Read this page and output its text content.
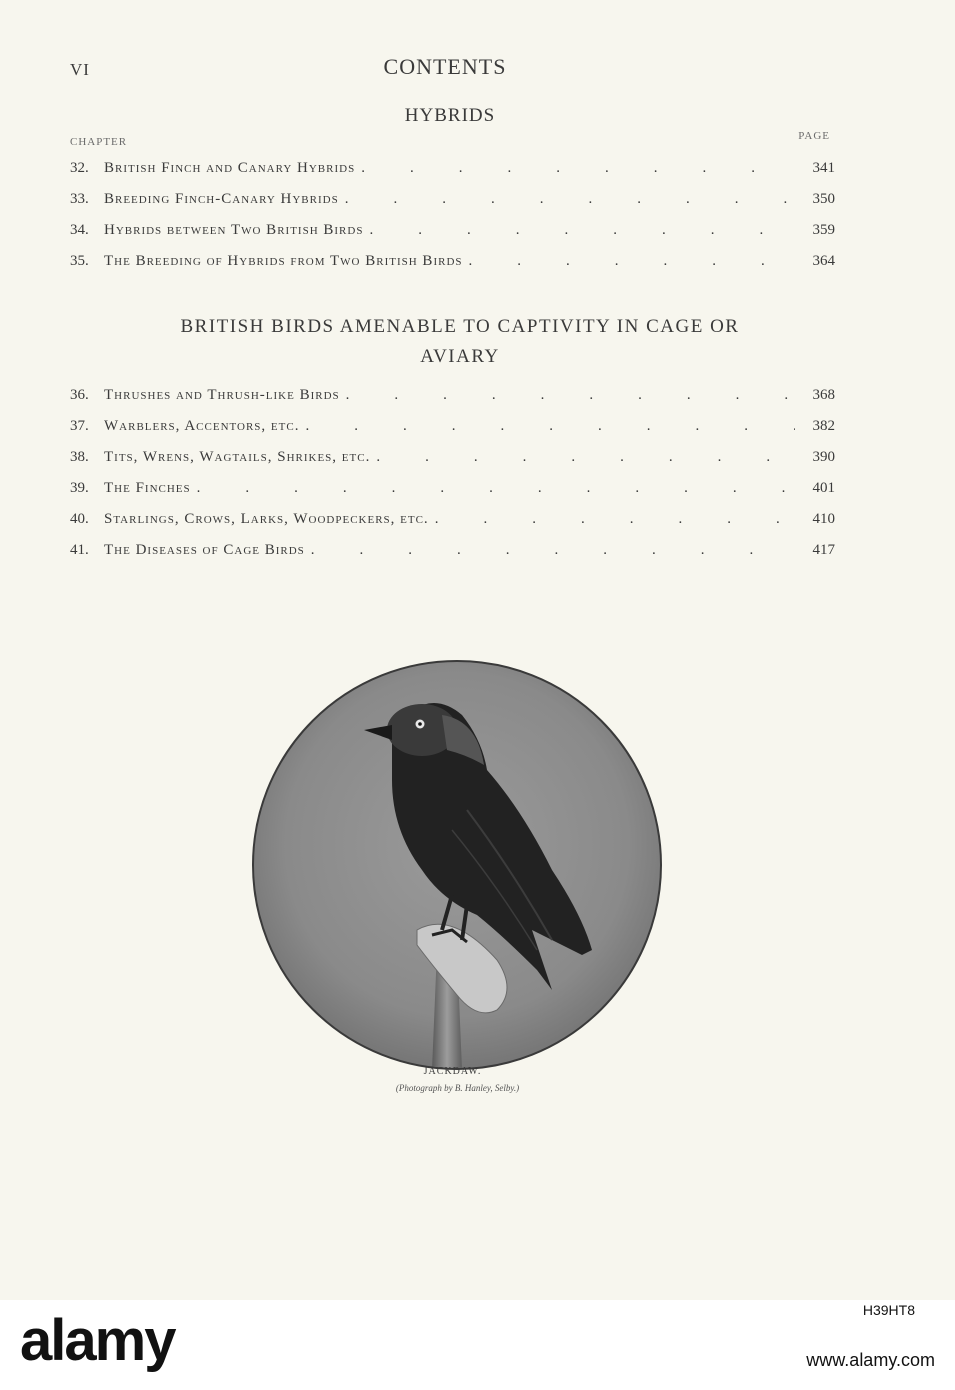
VI	CONTENTS
HYBRIDS
CHAPTER	PAGE
32.	British Finch and Canary Hybrids .	341
33.	Breeding Finch-Canary Hybrids .	350
34.	Hybrids between Two British Birds .	359
35.	The Breeding of Hybrids from Two British Birds .	364
BRITISH BIRDS AMENABLE TO CAPTIVITY IN CAGE OR
AVIARY
36.	Thrushes and Thrush-like Birds .	368
37.	Warblers, Accentors, etc. .	382
38.	Tits, Wrens, Wagtails, Shrikes, etc. .	390
39.	The Finches .	401
40.	Starlings, Crows, Larks, Woodpeckers, etc. .	410
41.	The Diseases of Cage Birds .	417
JACKDAW.
(Photograph by B. Hanley, Selby.)
alamy	H39HT8
www.alamy.com
